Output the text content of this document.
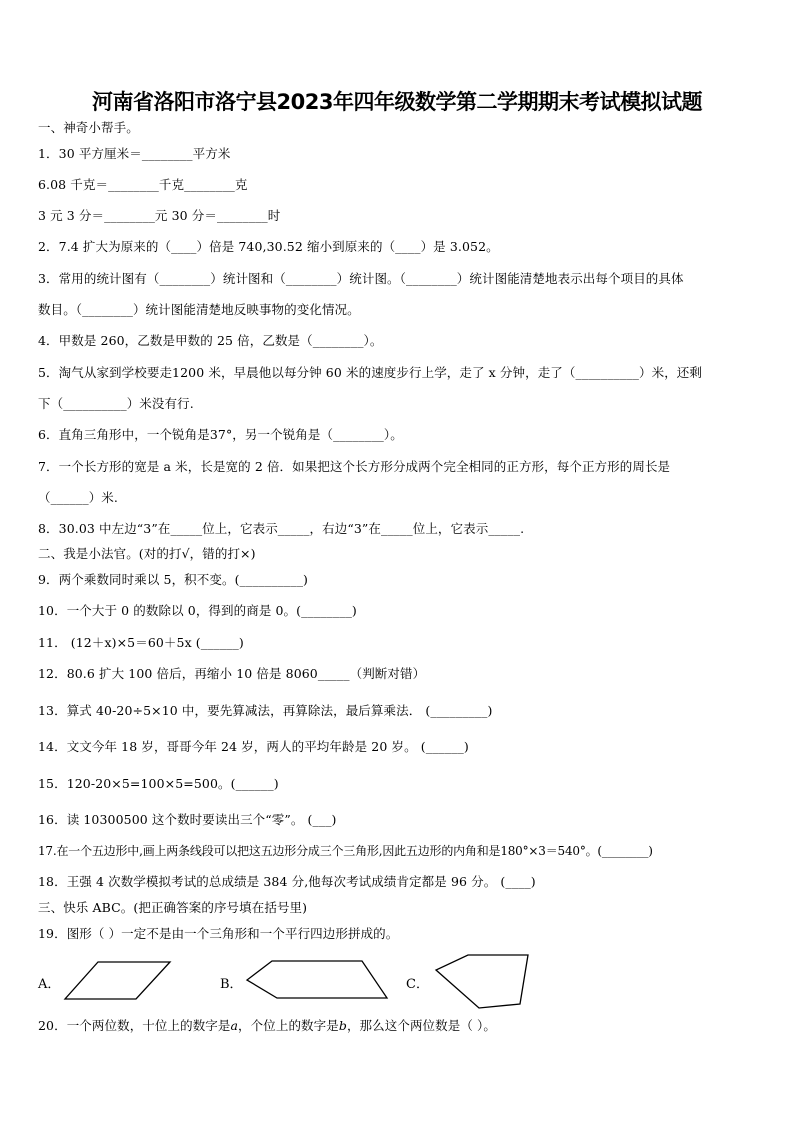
河南省洛阳市洛宁县2023年四年级数学第二学期期末考试模拟试题
一、神奇小帮手。
1．30 平方厘米＝________平方米
6.08 千克＝________千克________克
3 元 3 分＝________元 30 分＝________时
2．7.4 扩大为原来的（____）倍是 740,30.52 缩小到原来的（____）是 3.052。
3．常用的统计图有（________）统计图和（________）统计图。（________）统计图能清楚地表示出每个项目的具体
数目。（________）统计图能清楚地反映事物的变化情况。
4．甲数是 260，乙数是甲数的 25 倍，乙数是（________）。
5．淘气从家到学校要走1200 米，早晨他以每分钟 60 米的速度步行上学，走了 x 分钟，走了（__________）米，还剩
下（__________）米没有行.
6．直角三角形中，一个锐角是37°，另一个锐角是（________）。
7．一个长方形的宽是 a 米，长是宽的 2 倍．如果把这个长方形分成两个完全相同的正方形，每个正方形的周长是
（______）米.
8．30.03 中左边“3”在_____位上，它表示_____，右边“3”在_____位上，它表示_____.
二、我是小法官。(对的打√，错的打×)
9．两个乘数同时乘以 5，积不变。(__________)
10．一个大于 0 的数除以 0，得到的商是 0。(________)
11． (12＋x)×5＝60＋5x (______)
12．80.6 扩大 100 倍后，再缩小 10 倍是 8060_____（判断对错）
13．算式 40-20÷5×10 中，要先算减法，再算除法，最后算乘法． (_________)
14．文文今年 18 岁，哥哥今年 24 岁，两人的平均年龄是 20 岁。 (______)
15．120-20×5=100×5=500。(______)
16．读 10300500 这个数时要读出三个“零”。 (___)
17.在一个五边形中,画上两条线段可以把这五边形分成三个三角形,因此五边形的内角和是180°×3＝540°。(________)
18．王强 4 次数学模拟考试的总成绩是 384 分,他每次考试成绩肯定都是 96 分。 (____)
三、快乐 ABC。(把正确答案的序号填在括号里)
19．图形（ ）一定不是由一个三角形和一个平行四边形拼成的。
A．	B．	C．
20．一个两位数，十位上的数字是𝑎，个位上的数字是𝑏，那么这个两位数是（ ）。
